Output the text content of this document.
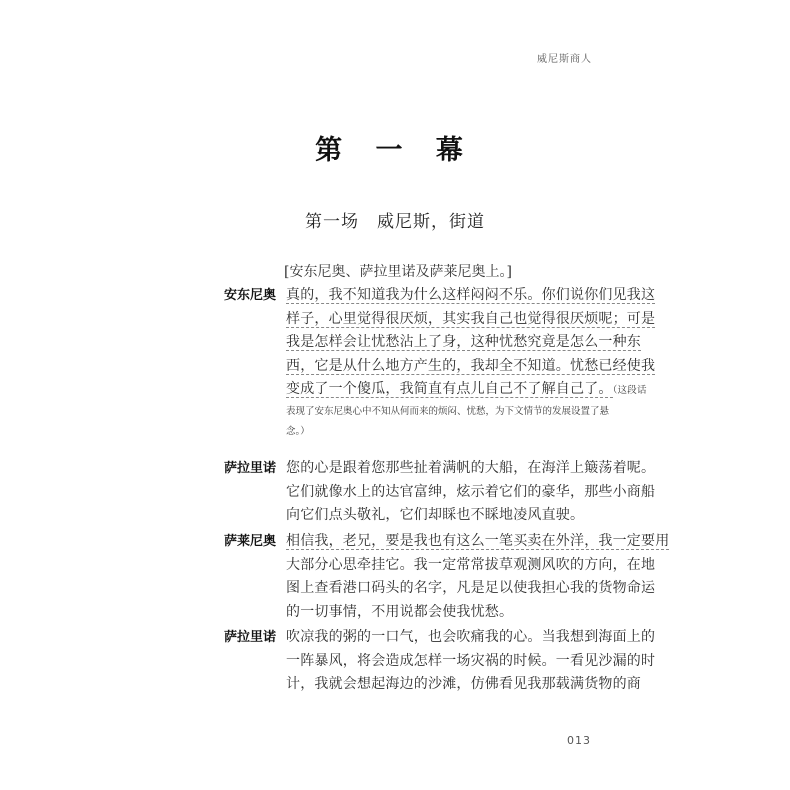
威尼斯商人
第 一 幕
第一场 威尼斯，街道
[安东尼奥、萨拉里诺及萨莱尼奥上。]
安东尼奥 真的，我不知道我为什么这样闷闷不乐。你们说你们见我这
样子，心里觉得很厌烦，其实我自己也觉得很厌烦呢；可是
我是怎样会让忧愁沾上了身，这种忧愁究竟是怎么一种东
西，它是从什么地方产生的，我却全不知道。忧愁已经使我
变成了一个傻瓜，我简直有点儿自己不了解自己了。（这段话
表现了安东尼奥心中不知从何而来的烦闷、忧愁，为下文情节的发展设置了悬
念。）
萨拉里诺 您的心是跟着您那些扯着满帆的大船，在海洋上簸荡着呢。
它们就像水上的达官富绅，炫示着它们的豪华，那些小商船
向它们点头敬礼，它们却睬也不睬地凌风直驶。
萨莱尼奥 相信我，老兄，要是我也有这么一笔买卖在外洋，我一定要用
大部分心思牵挂它。我一定常常拔草观测风吹的方向，在地
图上查看港口码头的名字，凡是足以使我担心我的货物命运
的一切事情，不用说都会使我忧愁。
萨拉里诺 吹凉我的粥的一口气，也会吹痛我的心。当我想到海面上的
一阵暴风，将会造成怎样一场灾祸的时候。一看见沙漏的时
计，我就会想起海边的沙滩，仿佛看见我那载满货物的商
013
